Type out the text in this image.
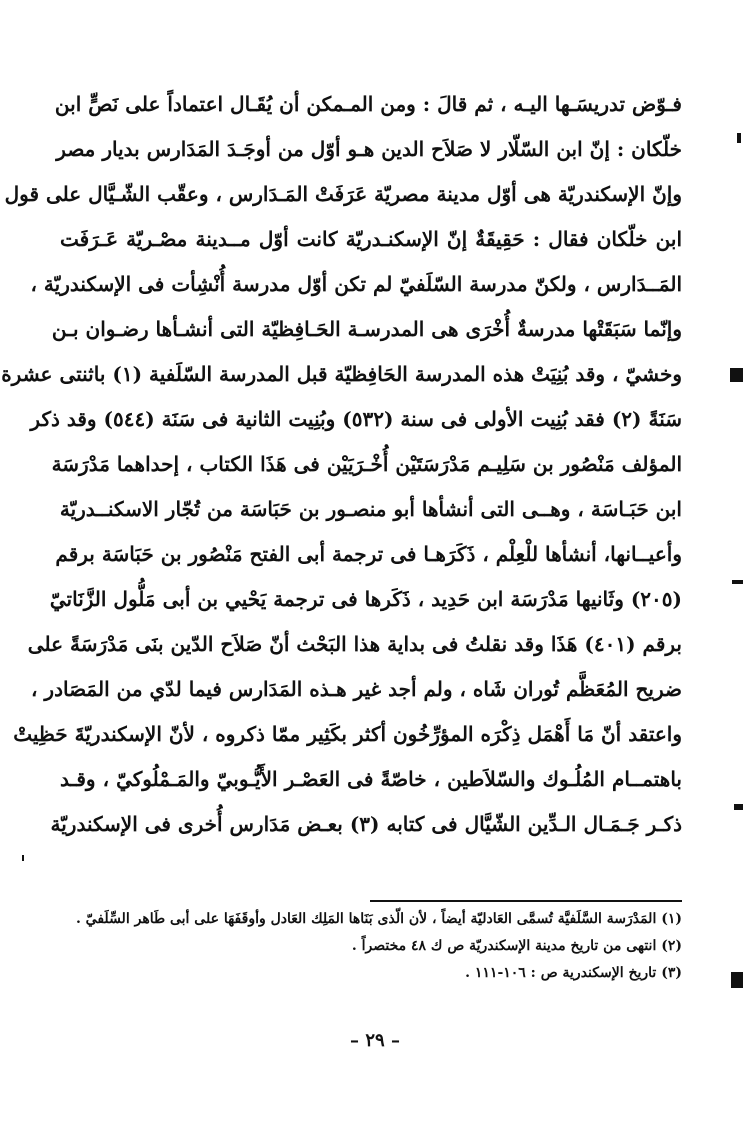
فـوّض تدريسَـها اليـه ، ثم قالَ : ومن المـمكن أن يُقَـال اعتماداً على نَصٍّ ابن
خلّكان : إنّ ابن السّلّار لا صَلاَح الدين هـو أوّل من أوجَـدَ المَدَارس بديار مصر
وإنّ الإسكندريّة هى أوّل مدينة مصريّة عَرَفَتْ المَـدَارس ، وعقّب الشّـيَّال على قول
ابن خلّكان فقال : حَقِيقَةٌ إنّ الإسكنـدريّة كانت أوّل مــدينة مصْـريّة عَـرَفَت
المَــدَارس ، ولكنّ مدرسة السّلَفيّ لم تكن أوّل مدرسة أُنْشِأت فى الإسكندريّة ،
وإنّما سَبَقَتْها مدرسةٌ أُخْرَى هى المدرسـة الحَـافِظيّة التى أنشـأها رضـوان بـن
وخشيّ ، وقد بُنِيَتْ هذه المدرسة الحَافِظيّة قبل المدرسة السّلَفية (١) باثنتى عشرة
سَنَةً (٢) فقد بُنِيت الأولى فى سنة (٥٣٢) وبُنِيت الثانية فى سَنَة (٥٤٤) وقد ذكر
المؤلف مَنْصُور بن سَلِيـم مَدْرَسَتَيْن أُخْـرَيَيْن فى هَذَا الكتاب ، إحداهما مَدْرَسَة
ابن حَبَـاسَة ، وهــى التى أنشأها أبو منصـور بن حَبَاسَة من تُجّار الاسكنــدريّة
وأعيــانها، أنشأها للْعِلْم ، ذَكَرَهـا فى ترجمة أبى الفتح مَنْصُور بن حَبَاسَة برقم
(٢٠٥) وثَانيها مَدْرَسَة ابن حَدِيد ، ذَكَرها فى ترجمة يَحْيي بن أبى مَلُّول الزَّنَاتيّ
برقم (٤٠١) هَذَا وقد نقلتُ فى بداية هذا البَحْث أنّ صَلاَح الدّين بنَى مَدْرَسَةً على
ضريح المُعَظَّم تُوران شَاه ، ولم أجد غير هـذه المَدَارس فيما لدّي من المَصَادر ،
واعتقد أنّ مَا أَهْمَل ذِكْرَه المؤرِّخُون أكثر بكَثِير ممّا ذكروه ، لأنّ الإسكندريّةَ حَظِيتْ
باهتمــام المُلُـوك والسّلاَطين ، خاصّةً فى العَصْـر الأَيُّـوبيّ والمَـمْلُوكيّ ، وقـد
ذكـر جَـمَـال الـدِّين الشّيَّال فى كتابه (٣) بعـض مَدَارس أُخرى فى الإسكندريّة
(١) المَدْرَسة السَّلَفيَّة تُسمَّى العَادليّة أيضاً ، لأن الّذى بَنَاها المَلِك العَادل وأوقَفَهَا على أبى طَاهر السِّلَفيّ .
(٢) انتهى من تاريخ مدينة الإسكندريّة ص ك ٤٨ مختصراً .
(٣) تاريخ الإسكندرية ص : ١٠٦-١١١ .
– ٢٩ –
